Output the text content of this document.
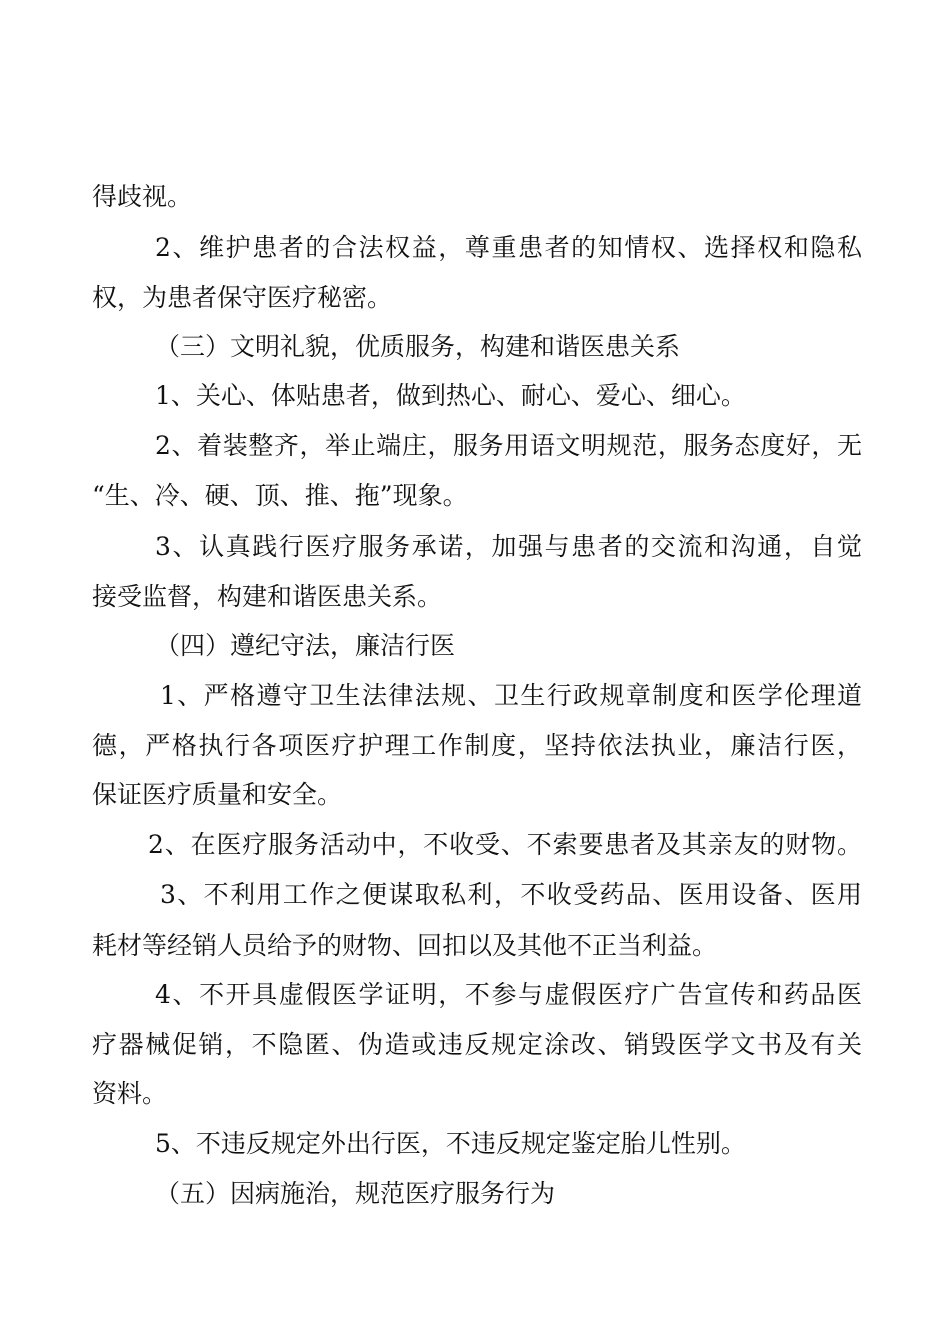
得歧视。
2、维护患者的合法权益，尊重患者的知情权、选择权和隐私
权，为患者保守医疗秘密。
（三）文明礼貌，优质服务，构建和谐医患关系
1、关心、体贴患者，做到热心、耐心、爱心、细心。
2、着装整齐，举止端庄，服务用语文明规范，服务态度好，无
“生、冷、硬、顶、推、拖”现象。
3、认真践行医疗服务承诺，加强与患者的交流和沟通，自觉
接受监督，构建和谐医患关系。
（四）遵纪守法，廉洁行医
1、严格遵守卫生法律法规、卫生行政规章制度和医学伦理道
德，严格执行各项医疗护理工作制度，坚持依法执业，廉洁行医，
保证医疗质量和安全。
2、在医疗服务活动中，不收受、不索要患者及其亲友的财物。
3、不利用工作之便谋取私利，不收受药品、医用设备、医用
耗材等经销人员给予的财物、回扣以及其他不正当利益。
4、不开具虚假医学证明，不参与虚假医疗广告宣传和药品医
疗器械促销，不隐匿、伪造或违反规定涂改、销毁医学文书及有关
资料。
5、不违反规定外出行医，不违反规定鉴定胎儿性别。
（五）因病施治，规范医疗服务行为
